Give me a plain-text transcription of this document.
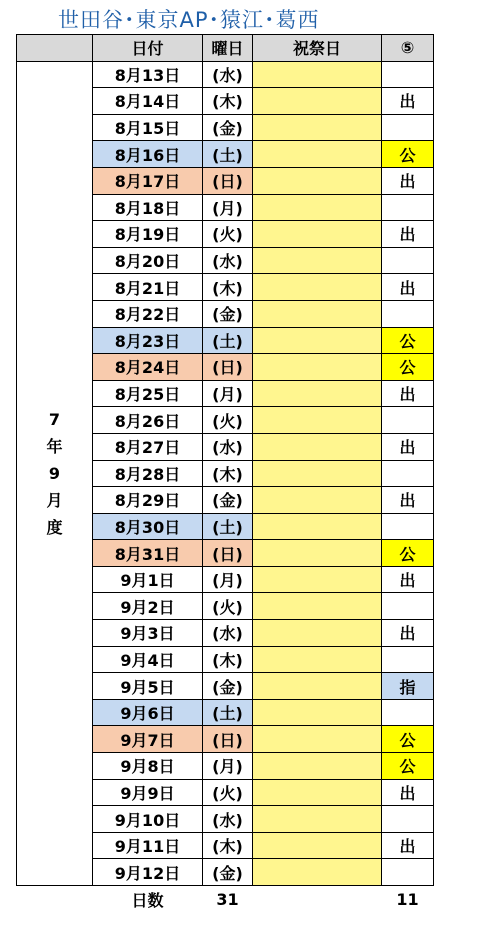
世田谷･東京AP･猿江･葛西
	日付	曜日	祝祭日	⑤

7
年
9
月
度	8月13日	(水)		
	8月14日	(木)		出
	8月15日	(金)		
	8月16日	(土)		公
	8月17日	(日)		出
	8月18日	(月)		
	8月19日	(火)		出
	8月20日	(水)		
	8月21日	(木)		出
	8月22日	(金)		
	8月23日	(土)		公
	8月24日	(日)		公
	8月25日	(月)		出
	8月26日	(火)		
	8月27日	(水)		出
	8月28日	(木)		
	8月29日	(金)		出
	8月30日	(土)		
	8月31日	(日)		公
	9月1日	(月)		出
	9月2日	(火)		
	9月3日	(水)		出
	9月4日	(木)		
	9月5日	(金)		指
	9月6日	(土)		
	9月7日	(日)		公
	9月8日	(月)		公
	9月9日	(火)		出
	9月10日	(水)		
	9月11日	(木)		出
	9月12日	(金)		
	日数	31		11
